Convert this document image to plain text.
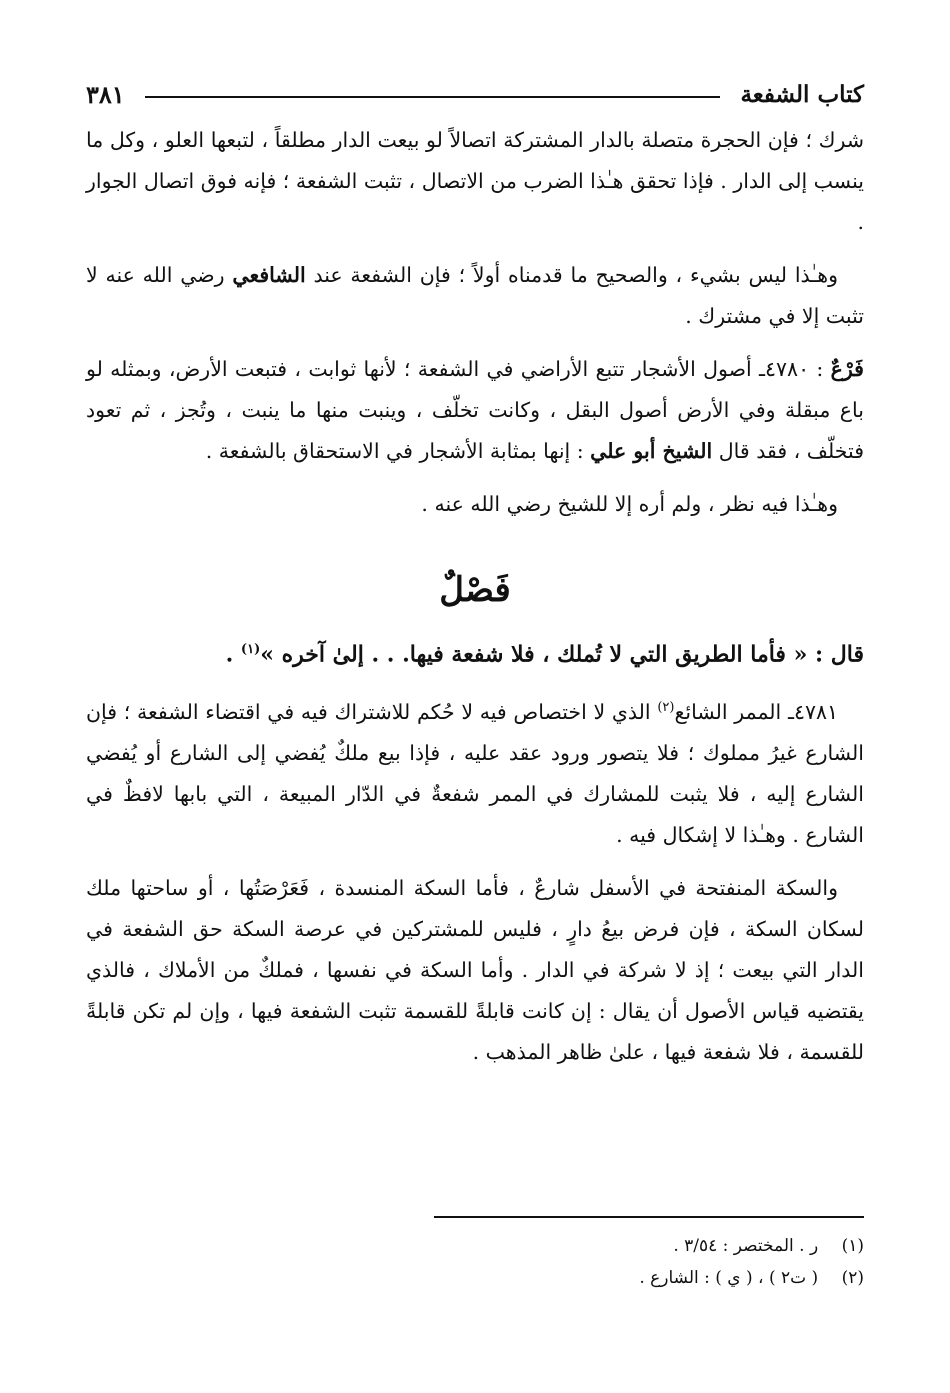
كتاب الشفعة
٣٨١

شرك ؛ فإن الحجرة متصلة بالدار المشتركة اتصالاً لو بيعت الدار مطلقاً ، لتبعها العلو ، وكل ما ينسب إلى الدار . فإذا تحقق هـٰذا الضرب من الاتصال ، تثبت الشفعة ؛ فإنه فوق اتصال الجوار .

وهـٰذا ليس بشيء ، والصحيح ما قدمناه أولاً ؛ فإن الشفعة عند الشافعي رضي الله عنه لا تثبت إلا في مشترك .

فَرْعٌ : ٤٧٨٠ـ أصول الأشجار تتبع الأراضي في الشفعة ؛ لأنها ثوابت ، فتبعت الأرض، وبمثله لو باع مبقلة وفي الأرض أصول البقل ، وكانت تخلّف ، وينبت منها ما ينبت ، وتُجز ، ثم تعود فتخلّف ، فقد قال الشيخ أبو علي : إنها بمثابة الأشجار في الاستحقاق بالشفعة .

وهـٰذا فيه نظر ، ولم أره إلا للشيخ رضي الله عنه .

فَصْلٌ

قال : « فأما الطريق التي لا تُملك ، فلا شفعة فيها. . . إلىٰ آخره »$^{(١)}$ .

٤٧٨١ـ الممر الشائع$^{(٢)}$ الذي لا اختصاص فيه لا حُكم للاشتراك فيه في اقتضاء الشفعة ؛ فإن الشارع غيرُ مملوك ؛ فلا يتصور ورود عقد عليه ، فإذا بيع ملكٌ يُفضي إلى الشارع أو يُفضي الشارع إليه ، فلا يثبت للمشارك في الممر شفعةٌ في الدّار المبيعة ، التي بابها لافظٌ في الشارع . وهـٰذا لا إشكال فيه .

والسكة المنفتحة في الأسفل شارعٌ ، فأما السكة المنسدة ، فَعَرْصَتُها ، أو ساحتها ملك لسكان السكة ، فإن فرض بيعُ دارٍ ، فليس للمشتركين في عرصة السكة حق الشفعة في الدار التي بيعت ؛ إذ لا شركة في الدار . وأما السكة في نفسها ، فملكٌ من الأملاك ، فالذي يقتضيه قياس الأصول أن يقال : إن كانت قابلةً للقسمة تثبت الشفعة فيها ، وإن لم تكن قابلةً للقسمة ، فلا شفعة فيها ، علىٰ ظاهر المذهب .

(١) ر . المختصر : ٣/٥٤ .
(٢) ( ت٢ ) ، ( ي ) : الشارع .
